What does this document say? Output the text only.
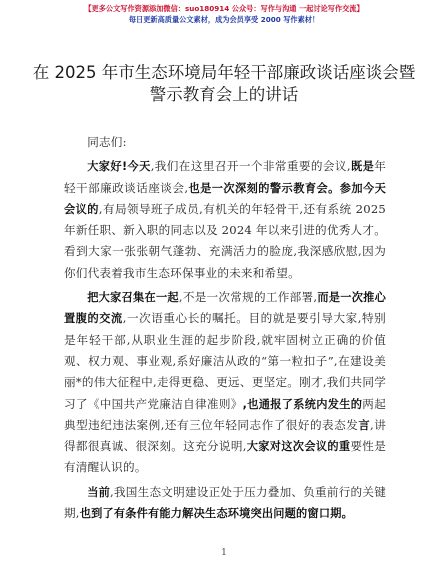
【更多公文写作资源添加微信：suo180914 公众号：写作与沟通 一起讨论写作交流】
每日更新高质量公文素材，成为会员享受 2000 写作素材！
在 2025 年市生态环境局年轻干部廉政谈话座谈会暨警示教育会上的讲话

同志们:

大家好!今天,我们在这里召开一个非常重要的会议,既是年轻干部廉政谈话座谈会,也是一次深刻的警示教育会。参加今天会议的,有局领导班子成员,有机关的年轻骨干,还有系统 2025 年新任职、新入职的同志以及 2024 年以来引进的优秀人才。看到大家一张张朝气蓬勃、充满活力的脸庞,我深感欣慰,因为你们代表着我市生态环保事业的未来和希望。

把大家召集在一起,不是一次常规的工作部署,而是一次推心置腹的交流,一次语重心长的嘱托。目的就是要引导大家,特别是年轻干部,从职业生涯的起步阶段,就牢固树立正确的价值观、权力观、事业观,系好廉洁从政的“第一粒扣子”,在建设美丽*的伟大征程中,走得更稳、更远、更坚定。刚才,我们共同学习了《中国共产党廉洁自律准则》,也通报了系统内发生的两起典型违纪违法案例,还有三位年轻同志作了很好的表态发言,讲得都很真诚、很深刻。这充分说明,大家对这次会议的重要性是有清醒认识的。

当前,我国生态文明建设正处于压力叠加、负重前行的关键期,也到了有条件有能力解决生态环境突出问题的窗口期。

1
